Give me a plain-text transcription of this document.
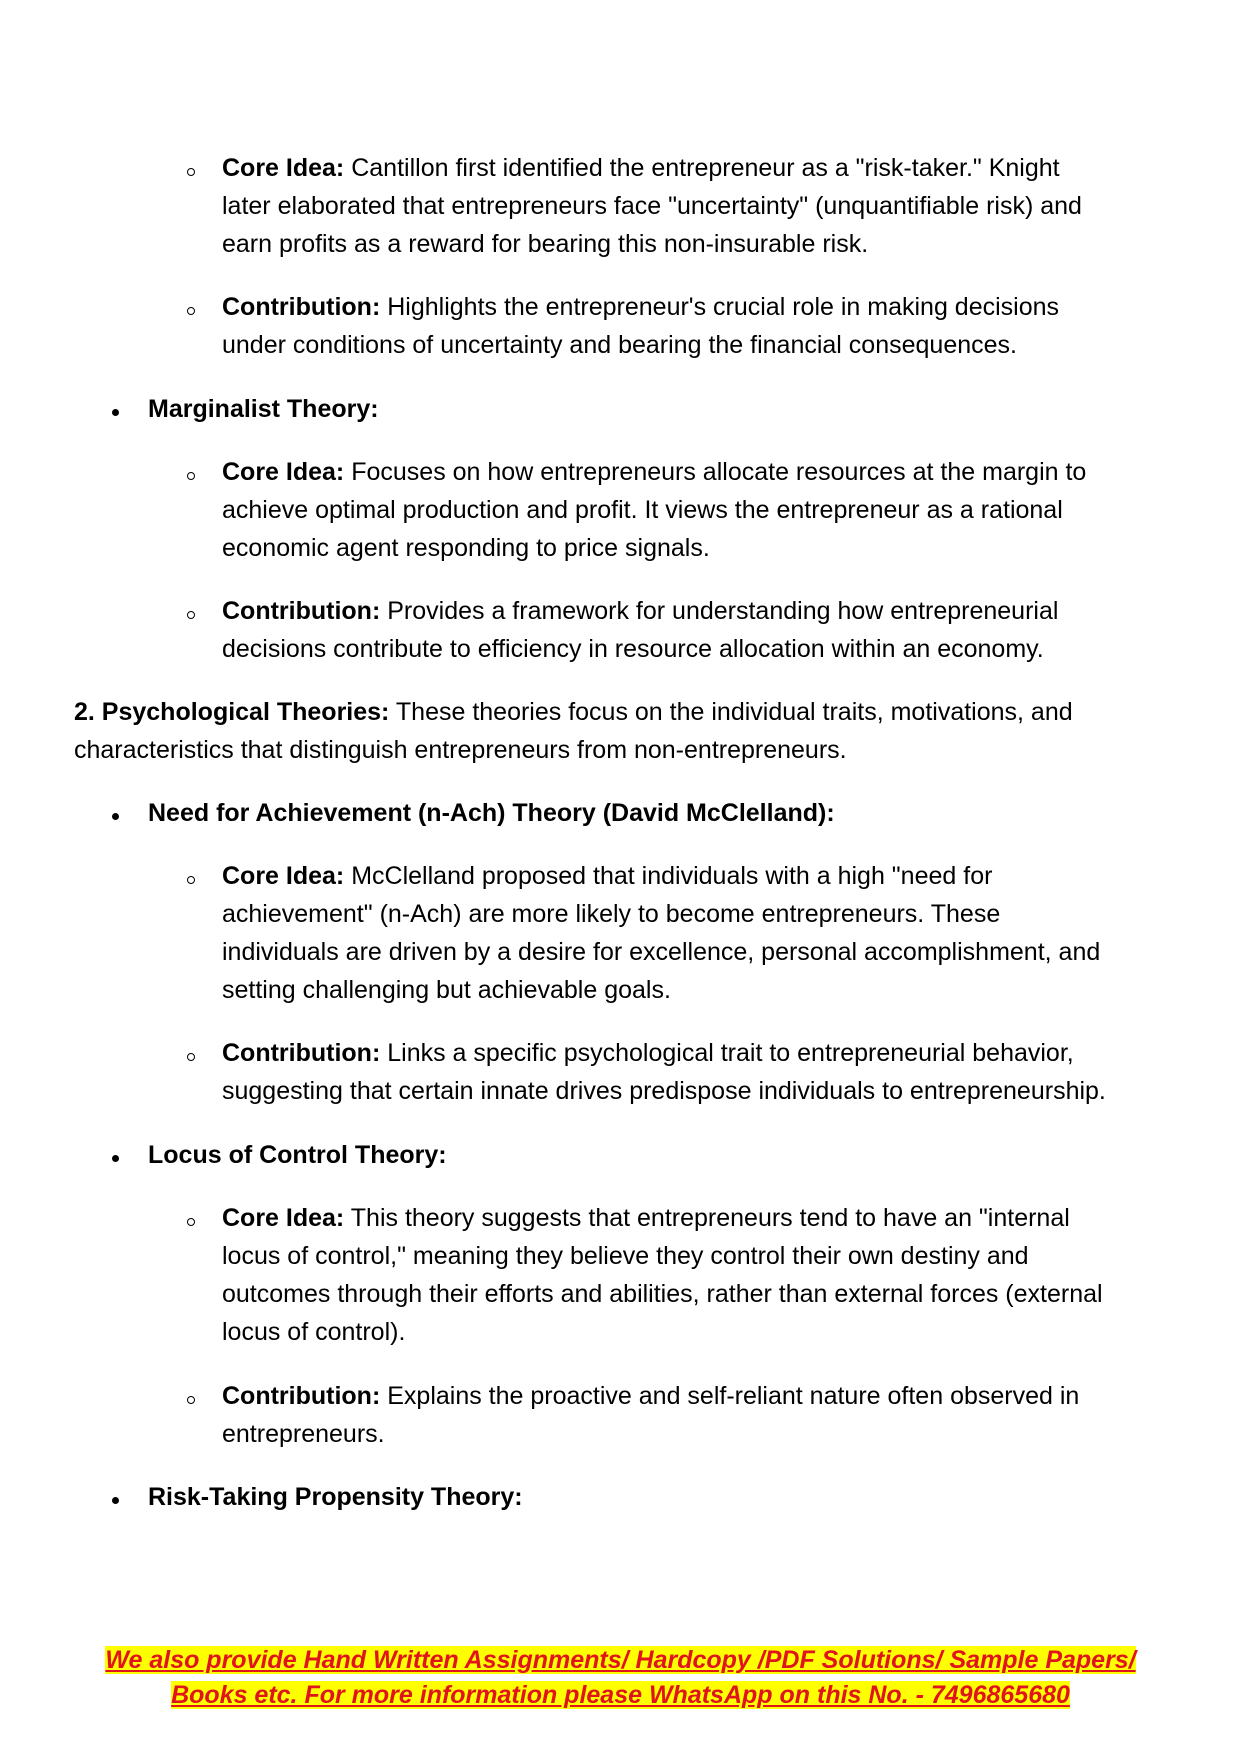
Core Idea: Cantillon first identified the entrepreneur as a "risk-taker." Knight
later elaborated that entrepreneurs face "uncertainty" (unquantifiable risk) and
earn profits as a reward for bearing this non-insurable risk.
Contribution: Highlights the entrepreneur's crucial role in making decisions
under conditions of uncertainty and bearing the financial consequences.
Marginalist Theory:
Core Idea: Focuses on how entrepreneurs allocate resources at the margin to
achieve optimal production and profit. It views the entrepreneur as a rational
economic agent responding to price signals.
Contribution: Provides a framework for understanding how entrepreneurial
decisions contribute to efficiency in resource allocation within an economy.
2. Psychological Theories: These theories focus on the individual traits, motivations, and
characteristics that distinguish entrepreneurs from non-entrepreneurs.
Need for Achievement (n-Ach) Theory (David McClelland):
Core Idea: McClelland proposed that individuals with a high "need for
achievement" (n-Ach) are more likely to become entrepreneurs. These
individuals are driven by a desire for excellence, personal accomplishment, and
setting challenging but achievable goals.
Contribution: Links a specific psychological trait to entrepreneurial behavior,
suggesting that certain innate drives predispose individuals to entrepreneurship.
Locus of Control Theory:
Core Idea: This theory suggests that entrepreneurs tend to have an "internal
locus of control," meaning they believe they control their own destiny and
outcomes through their efforts and abilities, rather than external forces (external
locus of control).
Contribution: Explains the proactive and self-reliant nature often observed in
entrepreneurs.
Risk-Taking Propensity Theory:
We also provide Hand Written Assignments/ Hardcopy /PDF Solutions/ Sample Papers/
Books etc. For more information please WhatsApp on this No. - 7496865680
